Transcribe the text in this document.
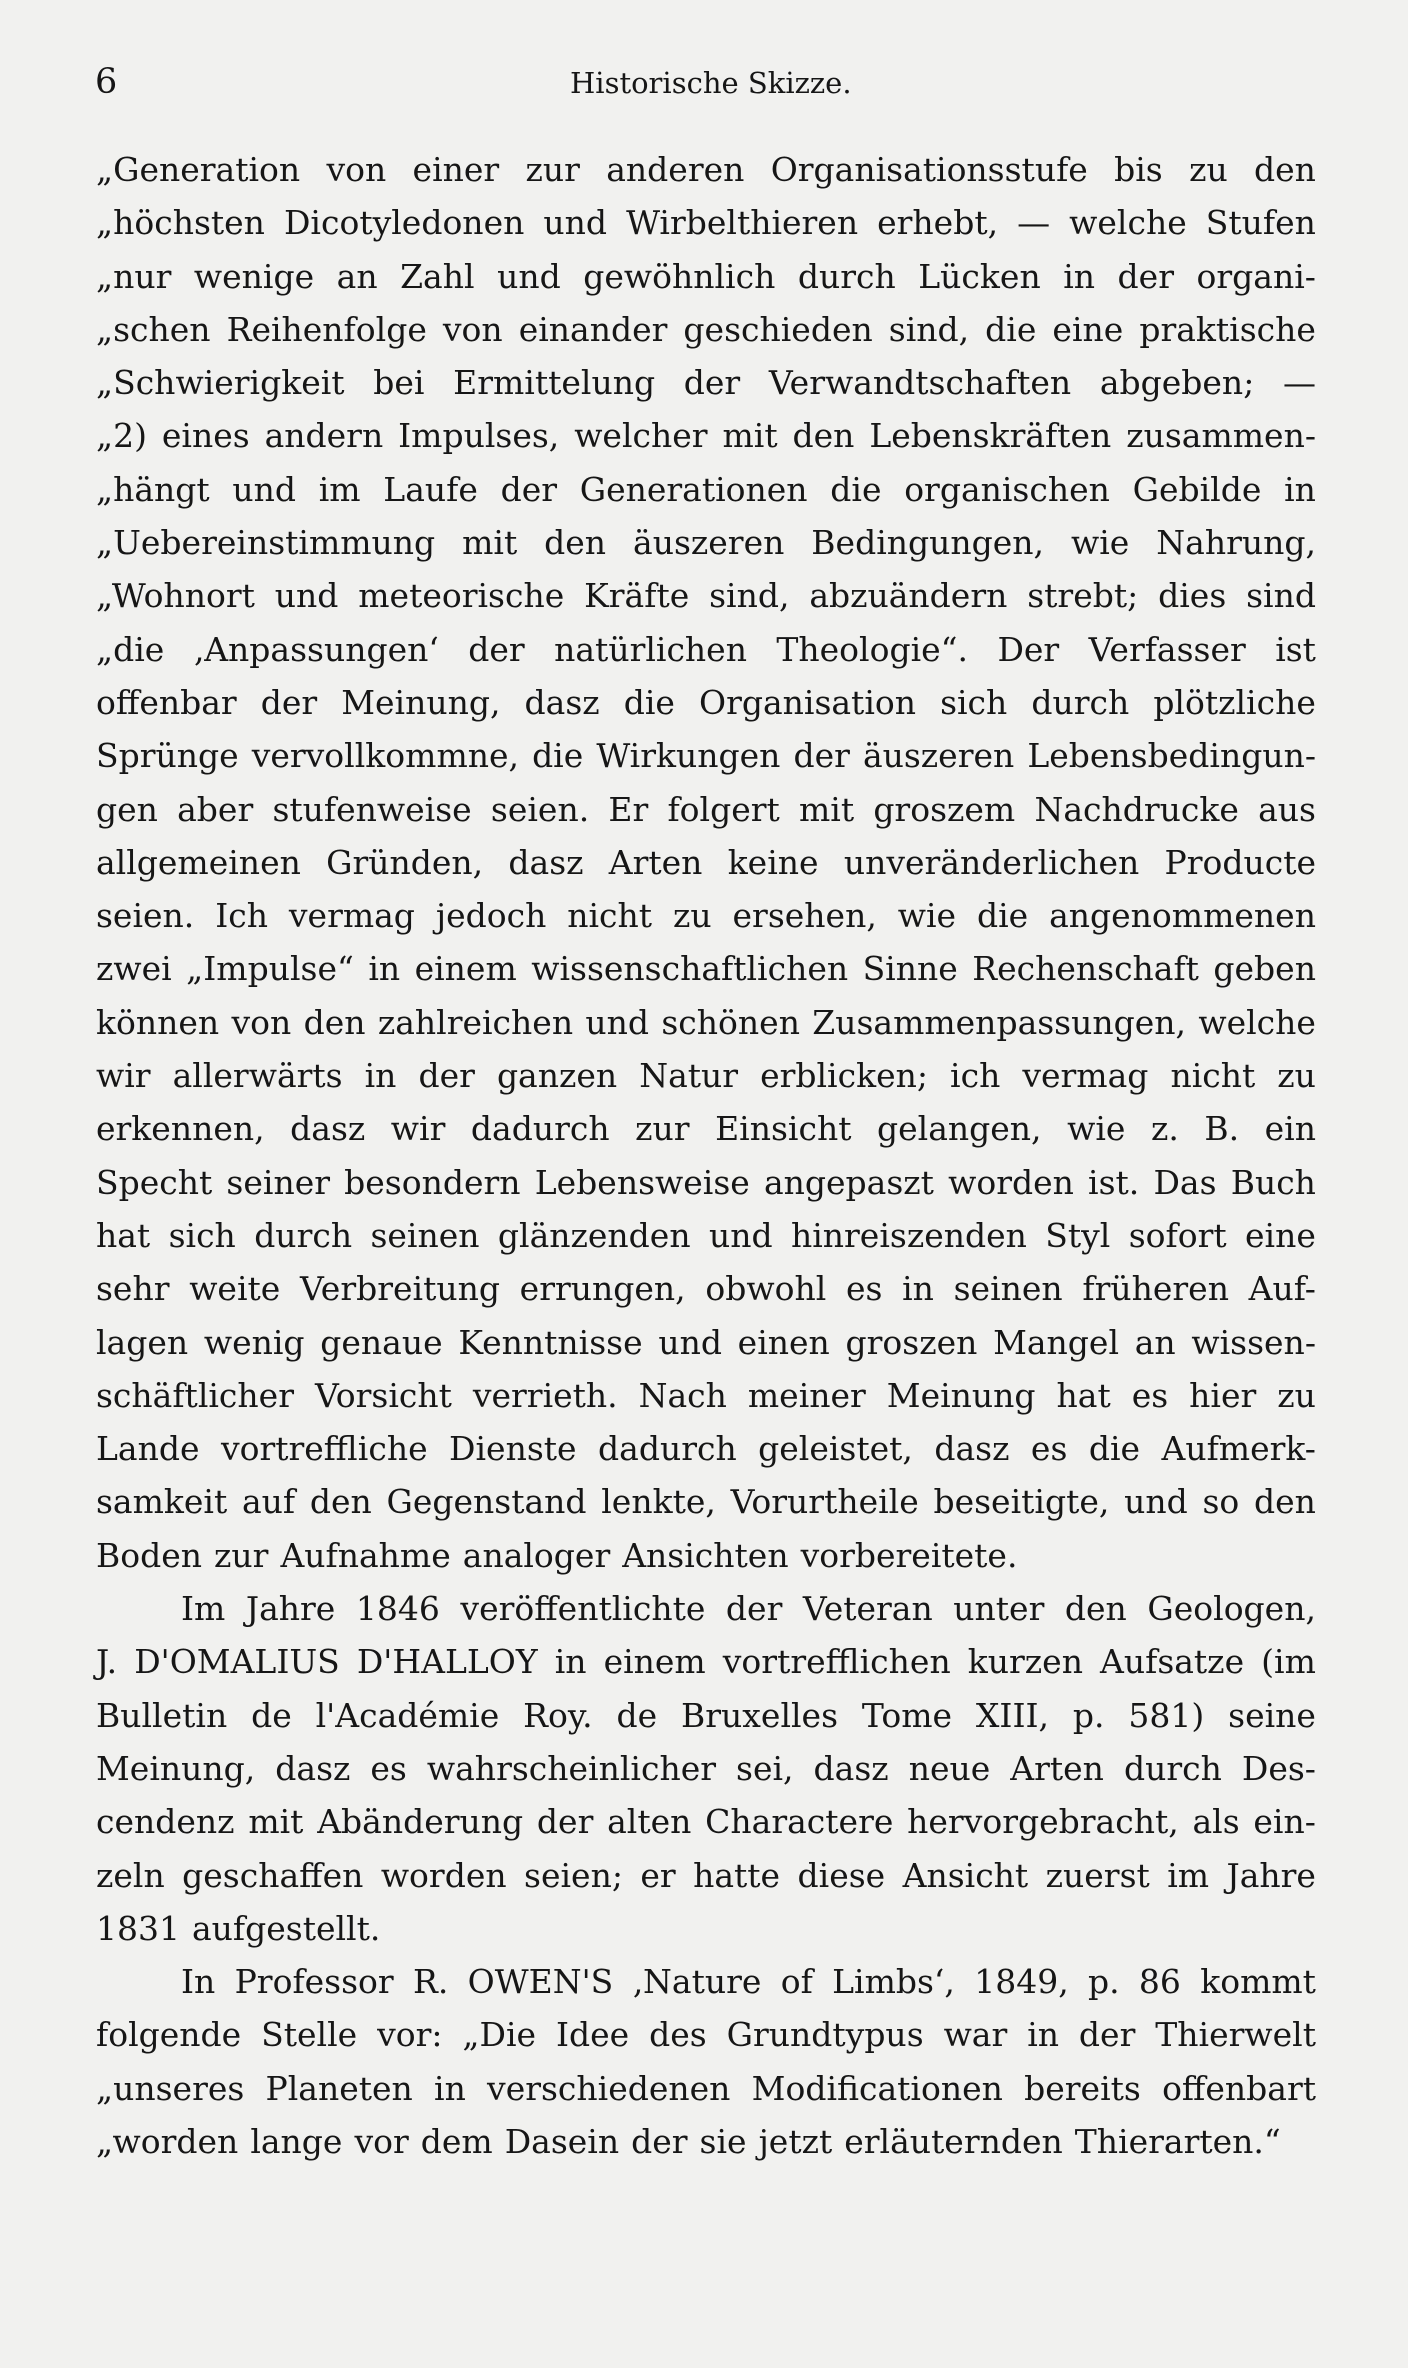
6	Historische Skizze.
„Generation von einer zur anderen Organisationsstufe bis zu den
„höchsten Dicotyledonen und Wirbelthieren erhebt, — welche Stufen
„nur wenige an Zahl und gewöhnlich durch Lücken in der organi-
„schen Reihenfolge von einander geschieden sind, die eine praktische
„Schwierigkeit bei Ermittelung der Verwandtschaften abgeben; —
„2) eines andern Impulses, welcher mit den Lebenskräften zusammen-
„hängt und im Laufe der Generationen die organischen Gebilde in
„Uebereinstimmung mit den äuszeren Bedingungen, wie Nahrung,
„Wohnort und meteorische Kräfte sind, abzuändern strebt; dies sind
„die ‚Anpassungen‘ der natürlichen Theologie“. Der Verfasser ist
offenbar der Meinung, dasz die Organisation sich durch plötzliche
Sprünge vervollkommne, die Wirkungen der äuszeren Lebensbedingun-
gen aber stufenweise seien. Er folgert mit groszem Nachdrucke aus
allgemeinen Gründen, dasz Arten keine unveränderlichen Producte
seien. Ich vermag jedoch nicht zu ersehen, wie die angenommenen
zwei „Impulse“ in einem wissenschaftlichen Sinne Rechenschaft geben
können von den zahlreichen und schönen Zusammenpassungen, welche
wir allerwärts in der ganzen Natur erblicken; ich vermag nicht zu
erkennen, dasz wir dadurch zur Einsicht gelangen, wie z. B. ein
Specht seiner besondern Lebensweise angepaszt worden ist. Das Buch
hat sich durch seinen glänzenden und hinreiszenden Styl sofort eine
sehr weite Verbreitung errungen, obwohl es in seinen früheren Auf-
lagen wenig genaue Kenntnisse und einen groszen Mangel an wissen-
schäftlicher Vorsicht verrieth. Nach meiner Meinung hat es hier zu
Lande vortreffliche Dienste dadurch geleistet, dasz es die Aufmerk-
samkeit auf den Gegenstand lenkte, Vorurtheile beseitigte, und so den
Boden zur Aufnahme analoger Ansichten vorbereitete.
Im Jahre 1846 veröffentlichte der Veteran unter den Geologen,
J. D'OMALIUS D'HALLOY in einem vortrefflichen kurzen Aufsatze (im
Bulletin de l'Académie Roy. de Bruxelles Tome XIII, p. 581) seine
Meinung, dasz es wahrscheinlicher sei, dasz neue Arten durch Des-
cendenz mit Abänderung der alten Charactere hervorgebracht, als ein-
zeln geschaffen worden seien; er hatte diese Ansicht zuerst im Jahre
1831 aufgestellt.
In Professor R. OWEN'S ‚Nature of Limbs‘, 1849, p. 86 kommt
folgende Stelle vor: „Die Idee des Grundtypus war in der Thierwelt
„unseres Planeten in verschiedenen Modificationen bereits offenbart
„worden lange vor dem Dasein der sie jetzt erläuternden Thierarten.“
